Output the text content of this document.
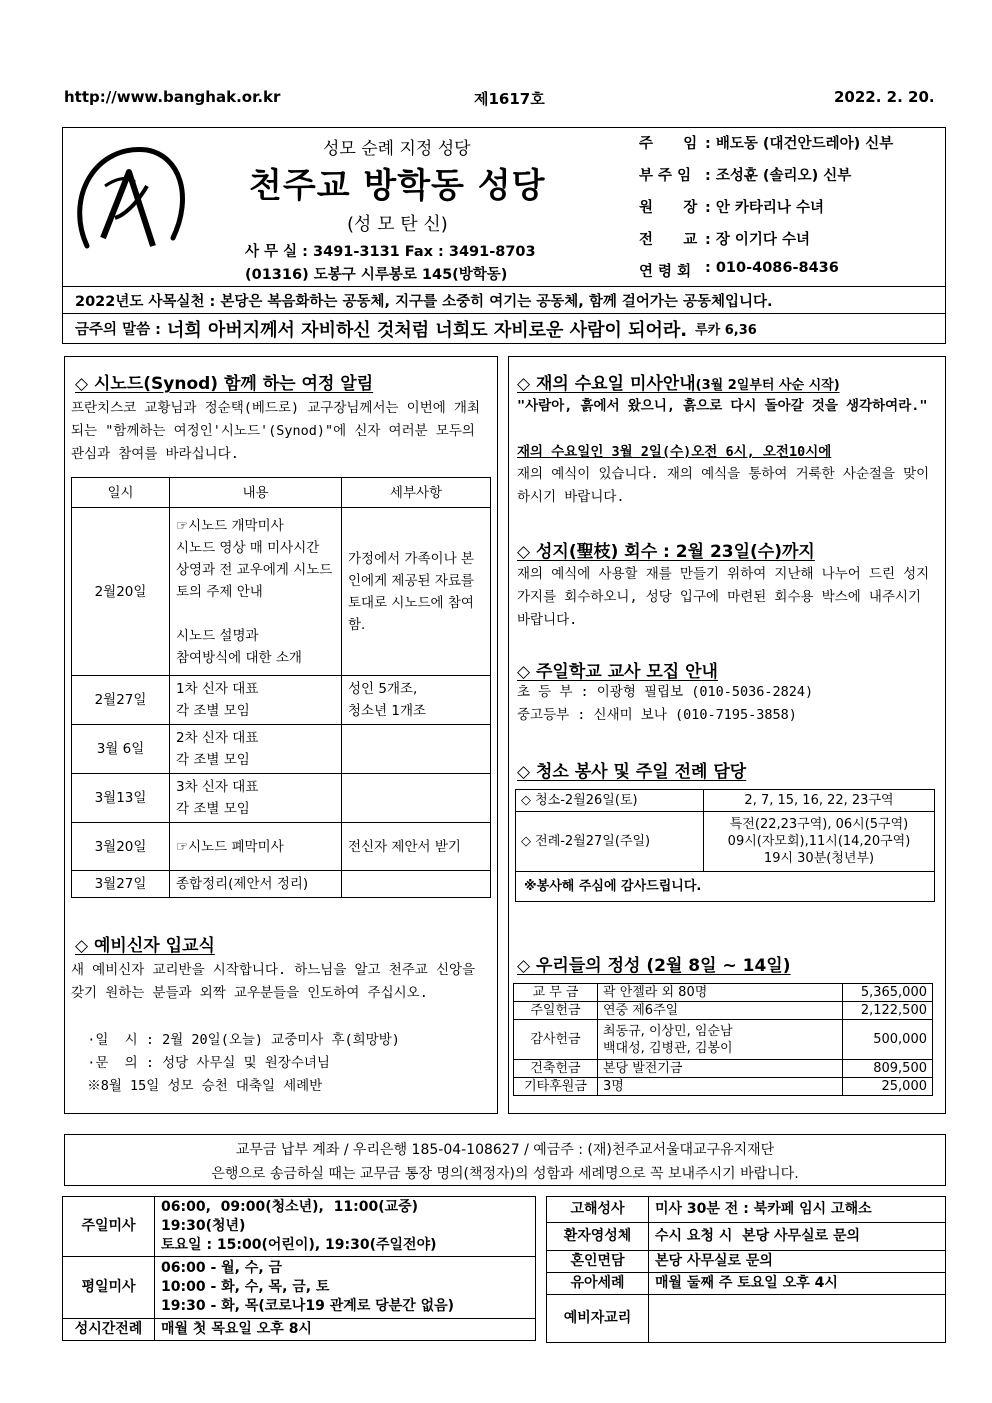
http://www.banghak.or.kr	제1617호	2022. 2. 20.
성모 순례 지정 성당
천주교 방학동 성당
(성 모 탄 신)
사 무 실 : 3491-3131 Fax : 3491-8703
(01316) 도봉구 시루봉로 145(방학동)
주      임 : 배도동 (대건안드레아) 신부
부 주 임 : 조성훈 (솔리오) 신부
원      장 : 안 카타리나 수녀
전      교 : 장 이기다 수녀
연 령 회 : 010-4086-8436
2022년도 사목실천 : 본당은 복음화하는 공동체, 지구를 소중히 여기는 공동체, 함께 걸어가는 공동체입니다.
금주의 말씀 : 너희 아버지께서 자비하신 것처럼 너희도 자비로운 사람이 되어라. 루카 6,36
◇ 시노드(Synod) 함께 하는 여정 알림
프란치스코 교황님과 정순택(베드로) 교구장님께서는 이번에 개최되는 "함께하는 여정인'시노드'(Synod)"에 신자 여러분 모두의 관심과 참여를 바라십니다.
일시	내용	세부사항
2월20일	☞시노드 개막미사
시노드 영상 매 미사시간 상영과 전 교우에게 시노드 토의 주제 안내

시노드 설명과
참여방식에 대한 소개	가정에서 가족이나 본인에게 제공된 자료를 토대로 시노드에 참여함.
2월27일	1차 신자 대표
각 조별 모임	성인 5개조,
청소년 1개조
3월 6일	2차 신자 대표
각 조별 모임	
3월13일	3차 신자 대표
각 조별 모임	
3월20일	☞시노드 폐막미사	전신자 제안서 받기
3월27일	종합정리(제안서 정리)	
◇ 예비신자 입교식
새 예비신자 교리반을 시작합니다. 하느님을 알고 천주교 신앙을 갖기 원하는 분들과 외짝 교우분들을 인도하여 주십시오.
·일  시 : 2월 20일(오늘) 교중미사 후(희망방)
·문  의 : 성당 사무실 및 원장수녀님
※8월 15일 성모 승천 대축일 세례반
◇ 재의 수요일 미사안내(3월 2일부터 사순 시작)
"사람아, 흙에서 왔으니, 흙으로 다시 돌아갈 것을 생각하여라."
재의 수요일인 3월 2일(수)오전 6시, 오전10시에
재의 예식이 있습니다. 재의 예식을 통하여 거룩한 사순절을 맞이하시기 바랍니다.
◇ 성지(聖枝) 회수 : 2월 23일(수)까지
재의 예식에 사용할 재를 만들기 위하여 지난해 나누어 드린 성지가지를 회수하오니, 성당 입구에 마련된 회수용 박스에 내주시기 바랍니다.
◇ 주일학교 교사 모집 안내
초 등 부 : 이광형 필립보 (010-5036-2824)
중고등부 : 신새미 보나 (010-7195-3858)
◇ 청소 봉사 및 주일 전례 담당
◇ 청소-2월26일(토)	2, 7, 15, 16, 22, 23구역
◇ 전례-2월27일(주일)	특전(22,23구역), 06시(5구역)
09시(자모회),11시(14,20구역)
19시 30분(청년부)
※봉사해 주심에 감사드립니다.	
◇ 우리들의 정성 (2월 8일 ~ 14일)
교 무 금	곽 안젤라 외 80명	5,365,000
주일헌금	연중 제6주일	2,122,500
감사헌금	최동규, 이상민, 임순남
백대성, 김병관, 김봉이	500,000
건축헌금	본당 발전기금	809,500
기타후원금	3명	25,000
교무금 납부 계좌 / 우리은행 185-04-108627 / 예금주 : (재)천주교서울대교구유지재단
은행으로 송금하실 때는 교무금 통장 명의(책정자)의 성함과 세례명으로 꼭 보내주시기 바랍니다.
주일미사	06:00,  09:00(청소년),  11:00(교중)
19:30(청년)
토요일 : 15:00(어린이), 19:30(주일전야)

평일미사	06:00 - 월, 수, 금
10:00 - 화, 수, 목, 금, 토
19:30 - 화, 목(코로나19 관계로 당분간 없음)

성시간전례	매월 첫 목요일 오후 8시
고해성사	미사 30분 전 : 북카페 임시 고해소
환자영성체	수시 요청 시  본당 사무실로 문의
혼인면담	본당 사무실로 문의
유아세례	매월 둘째 주 토요일 오후 4시
예비자교리	
